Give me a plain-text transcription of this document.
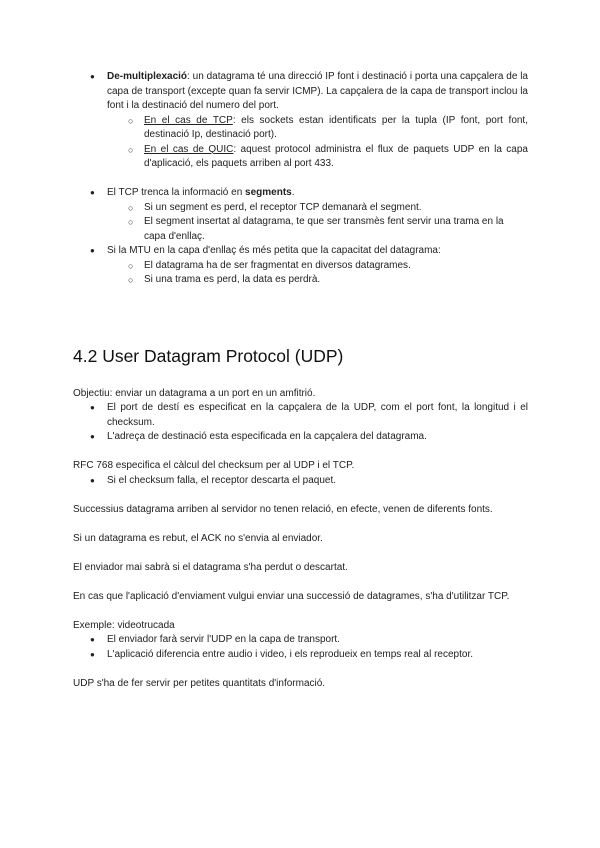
● De-multiplexació: un datagrama té una direcció IP font i destinació i porta una capçalera de la capa de transport (excepte quan fa servir ICMP). La capçalera de la capa de transport inclou la font i la destinació del numero del port.
○ En el cas de TCP: els sockets estan identificats per la tupla (IP font, port font, destinació Ip, destinació port).
○ En el cas de QUIC: aquest protocol administra el flux de paquets UDP en la capa d'aplicació, els paquets arriben al port 433.
● El TCP trenca la informació en segments.
○ Si un segment es perd, el receptor TCP demanarà el segment.
○ El segment insertat al datagrama, te que ser transmès fent servir una trama en la capa d'enllaç.
● Si la MTU en la capa d'enllaç és més petita que la capacitat del datagrama:
○ El datagrama ha de ser fragmentat en diversos datagrames.
○ Si una trama es perd, la data es perdrà.
4.2 User Datagram Protocol (UDP)

Objectiu: enviar un datagrama a un port en un amfitrió.

● El port de destí es especificat en la capçalera de la UDP, com el port font, la longitud i el checksum.
● L'adreça de destinació esta especificada en la capçalera del datagrama.

RFC 768 especifica el càlcul del checksum per al UDP i el TCP.

● Si el checksum falla, el receptor descarta el paquet.

Successius datagrama arriben al servidor no tenen relació, en efecte, venen de diferents fonts.

Si un datagrama es rebut, el ACK no s'envia al enviador.

El enviador mai sabrà si el datagrama s'ha perdut o descartat.

En cas que l'aplicació d'enviament vulgui enviar una successió de datagrames, s'ha d'utilitzar TCP.

Exemple: videotrucada

● El enviador farà servir l'UDP en la capa de transport.
● L'aplicació diferencia entre audio i video, i els reprodueix en temps real al receptor.

UDP s'ha de fer servir per petites quantitats d'informació.
